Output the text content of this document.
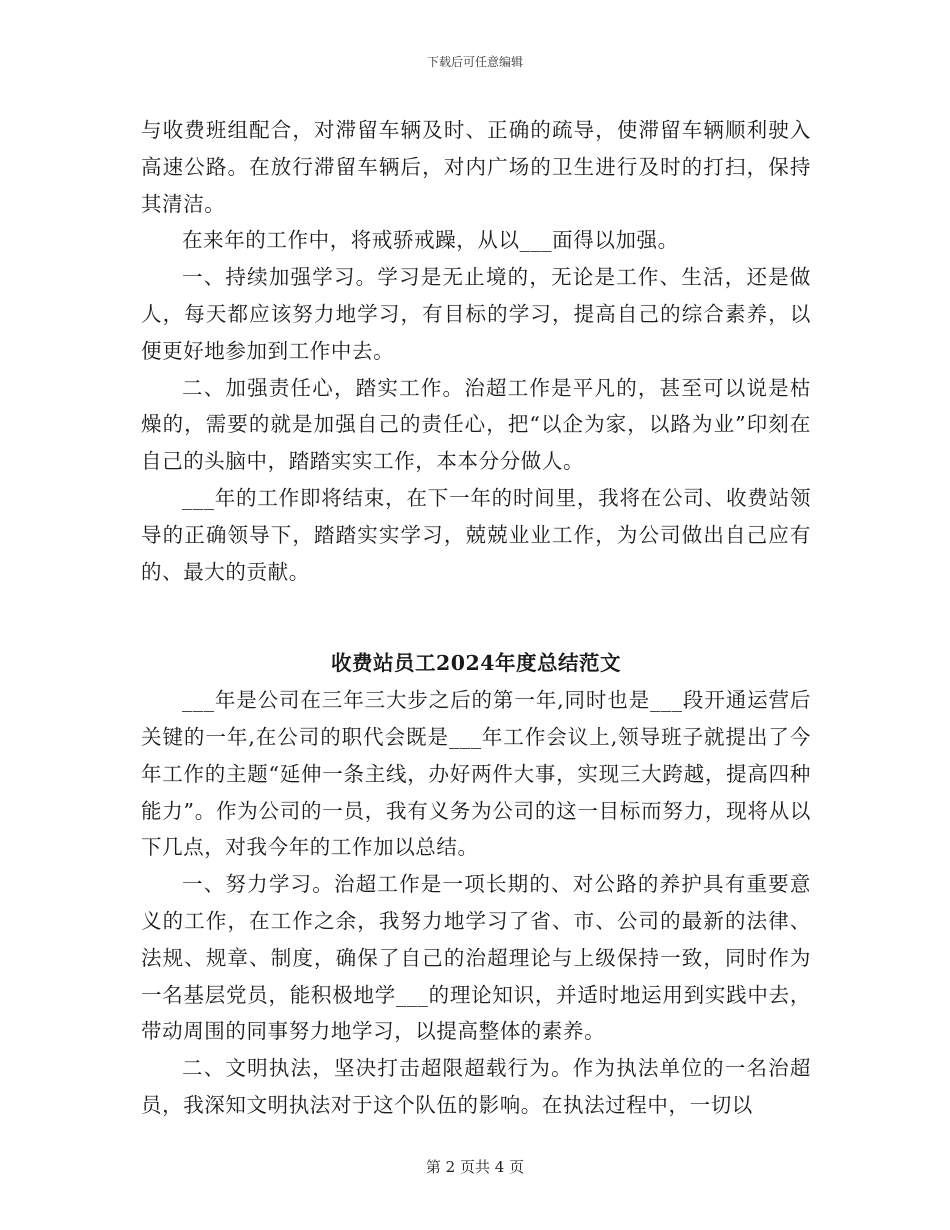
下载后可任意编辑

与收费班组配合，对滞留车辆及时、正确的疏导，使滞留车辆顺利驶入高速公路。在放行滞留车辆后，对内广场的卫生进行及时的打扫，保持其清洁。

在来年的工作中，将戒骄戒躁，从以___面得以加强。

一、持续加强学习。学习是无止境的，无论是工作、生活，还是做人，每天都应该努力地学习，有目标的学习，提高自己的综合素养，以便更好地参加到工作中去。

二、加强责任心，踏实工作。治超工作是平凡的，甚至可以说是枯燥的，需要的就是加强自己的责任心，把“以企为家，以路为业”印刻在自己的头脑中，踏踏实实工作，本本分分做人。

___年的工作即将结束，在下一年的时间里，我将在公司、收费站领导的正确领导下，踏踏实实学习，兢兢业业工作，为公司做出自己应有的、最大的贡献。

收费站员工2024年度总结范文

___年是公司在三年三大步之后的第一年,同时也是___段开通运营后关键的一年,在公司的职代会既是___年工作会议上,领导班子就提出了今年工作的主题“延伸一条主线，办好两件大事，实现三大跨越，提高四种能力”。作为公司的一员，我有义务为公司的这一目标而努力，现将从以下几点，对我今年的工作加以总结。

一、努力学习。治超工作是一项长期的、对公路的养护具有重要意义的工作，在工作之余，我努力地学习了省、市、公司的最新的法律、法规、规章、制度，确保了自己的治超理论与上级保持一致，同时作为一名基层党员，能积极地学___的理论知识，并适时地运用到实践中去，带动周围的同事努力地学习，以提高整体的素养。

二、文明执法，坚决打击超限超载行为。作为执法单位的一名治超员，我深知文明执法对于这个队伍的影响。在执法过程中，一切以

第 2 页共 4 页
